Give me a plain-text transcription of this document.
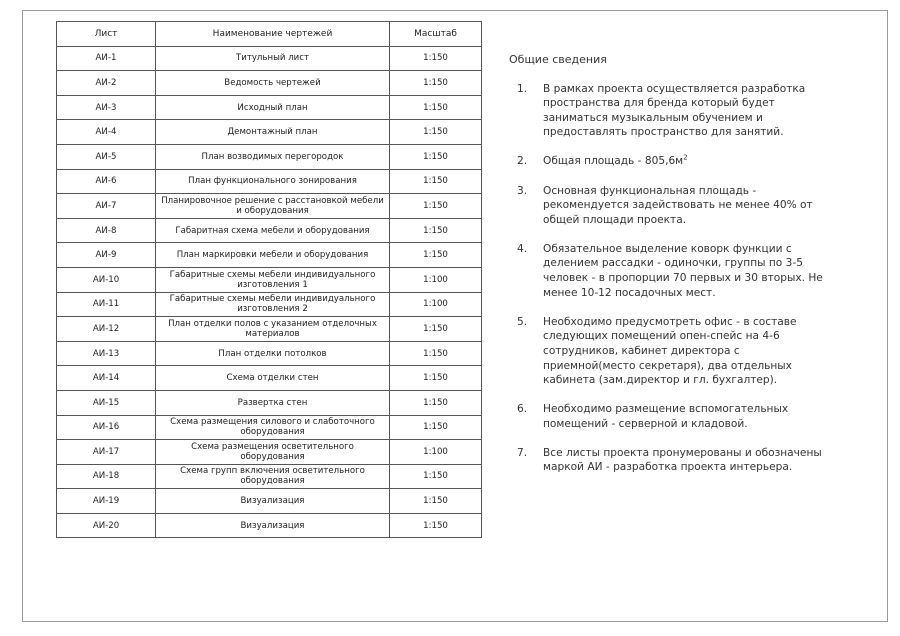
Лист	Наименование чертежей	Масштаб
АИ-1	Титульный лист	1:150
АИ-2	Ведомость чертежей	1:150
АИ-3	Исходный план	1:150
АИ-4	Демонтажный план	1:150
АИ-5	План возводимых перегородок	1:150
АИ-6	План функционального зонирования	1:150
АИ-7	Планировочное решение с расстановкой мебели и оборудования	1:150
АИ-8	Габаритная схема мебели и оборудования	1:150
АИ-9	План маркировки мебели и оборудования	1:150
АИ-10	Габаритные схемы мебели индивидуального изготовления 1	1:100
АИ-11	Габаритные схемы мебели индивидуального изготовления 2	1:100
АИ-12	План отделки полов с указанием отделочных материалов	1:150
АИ-13	План отделки потолков	1:150
АИ-14	Схема отделки стен	1:150
АИ-15	Развертка стен	1:150
АИ-16	Схема размещения силового и слаботочного оборудования	1:150
АИ-17	Схема размещения осветительного оборудования	1:100
АИ-18	Схема групп включения осветительного оборудования	1:150
АИ-19	Визуализация	1:150
АИ-20	Визуализация	1:150
Общие сведения
1.	В рамках проекта осуществляется разработка пространства для бренда который будет заниматься музыкальным обучением и предоставлять пространство для занятий.
2.	Общая площадь - $805,6м^2$
3.	Основная функциональная площадь - рекомендуется задействовать не менее 40% от общей площади проекта.
4.	Обязательное выделение коворк функции с делением рассадки - одиночки, группы по 3-5 человек - в пропорции 70 первых и 30 вторых. Не менее 10-12 посадочных мест.
5.	Необходимо предусмотреть офис - в составе следующих помещений опен-спейс на 4-6 сотрудников, кабинет директора с приемной(место секретаря), два отдельных кабинета (зам.директор и гл. бухгалтер).
6.	Необходимо размещение вспомогательных помещений - серверной и кладовой.
7.	Все листы проекта пронумерованы и обозначены маркой АИ - разработка проекта интерьера.
